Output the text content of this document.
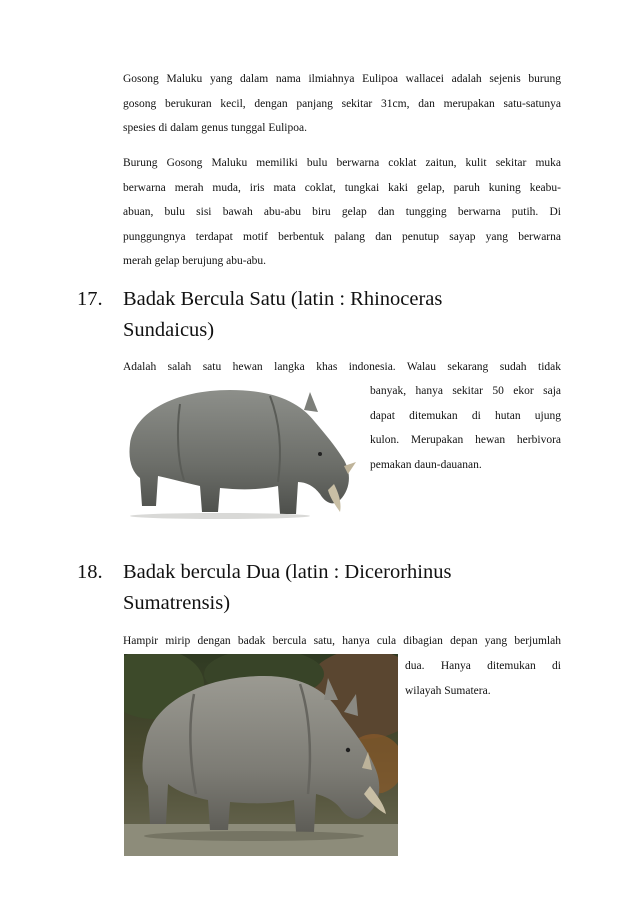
Gosong Maluku yang dalam nama ilmiahnya Eulipoa wallacei adalah sejenis burung
gosong berukuran kecil, dengan panjang sekitar 31cm, dan merupakan satu-satunya
spesies di dalam genus tunggal Eulipoa.
Burung Gosong Maluku memiliki bulu berwarna coklat zaitun, kulit sekitar muka
berwarna merah muda, iris mata coklat, tungkai kaki gelap, paruh kuning keabu-
abuan, bulu sisi bawah abu-abu biru gelap dan tungging berwarna putih. Di
punggungnya terdapat motif berbentuk palang dan penutup sayap yang berwarna
merah gelap berujung abu-abu.
17. Badak Bercula Satu (latin : Rhinoceras
Sundaicus)
Adalah salah satu hewan langka khas indonesia. Walau sekarang sudah tidak
banyak, hanya sekitar 50 ekor saja
dapat ditemukan di hutan ujung
kulon. Merupakan hewan herbivora
pemakan daun-dauanan.
18. Badak bercula Dua (latin : Dicerorhinus
Sumatrensis)
Hampir mirip dengan badak bercula satu, hanya cula dibagian depan yang berjumlah
dua. Hanya ditemukan di
wilayah Sumatera.
